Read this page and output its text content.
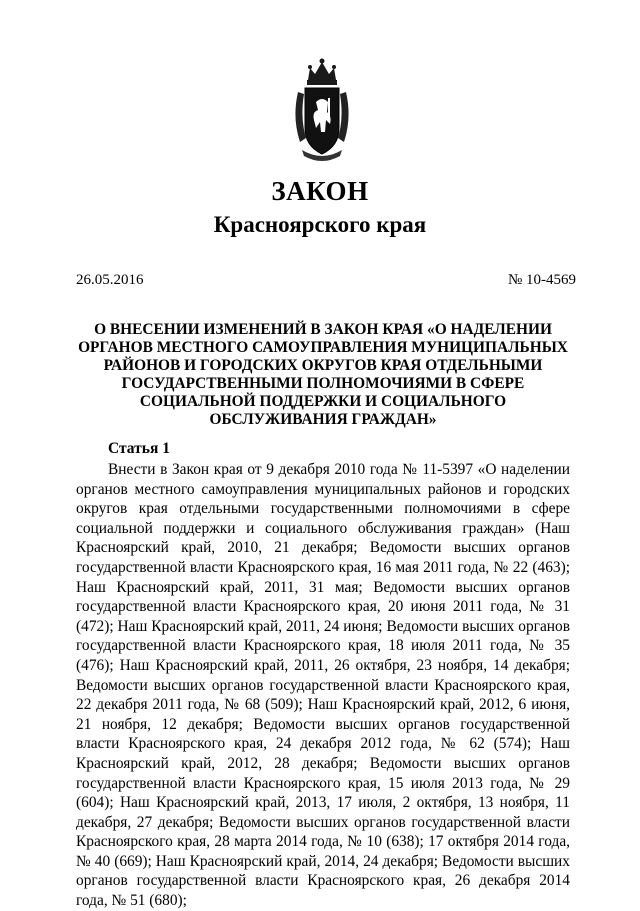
ЗАКОН
Красноярского края
26.05.2016	№ 10-4569
О ВНЕСЕНИИ ИЗМЕНЕНИЙ В ЗАКОН КРАЯ «О НАДЕЛЕНИИ ОРГАНОВ МЕСТНОГО САМОУПРАВЛЕНИЯ МУНИЦИПАЛЬНЫХ РАЙОНОВ И ГОРОДСКИХ ОКРУГОВ КРАЯ ОТДЕЛЬНЫМИ ГОСУДАРСТВЕННЫМИ ПОЛНОМОЧИЯМИ В СФЕРЕ СОЦИАЛЬНОЙ ПОДДЕРЖКИ И СОЦИАЛЬНОГО ОБСЛУЖИВАНИЯ ГРАЖДАН»
Статья 1
Внести в Закон края от 9 декабря 2010 года № 11-5397 «О наделении органов местного самоуправления муниципальных районов и городских округов края отдельными государственными полномочиями в сфере социальной поддержки и социального обслуживания граждан» (Наш Красноярский край, 2010, 21 декабря; Ведомости высших органов государственной власти Красноярского края, 16 мая 2011 года, № 22 (463); Наш Красноярский край, 2011, 31 мая; Ведомости высших органов государственной власти Красноярского края, 20 июня 2011 года, № 31 (472); Наш Красноярский край, 2011, 24 июня; Ведомости высших органов государственной власти Красноярского края, 18 июля 2011 года, № 35 (476); Наш Красноярский край, 2011, 26 октября, 23 ноября, 14 декабря; Ведомости высших органов государственной власти Красноярского края, 22 декабря 2011 года, № 68 (509); Наш Красноярский край, 2012, 6 июня, 21 ноября, 12 декабря; Ведомости высших органов государственной власти Красноярского края, 24 декабря 2012 года, № 62 (574); Наш Красноярский край, 2012, 28 декабря; Ведомости высших органов государственной власти Красноярского края, 15 июля 2013 года, № 29 (604); Наш Красноярский край, 2013, 17 июля, 2 октября, 13 ноября, 11 декабря, 27 декабря; Ведомости высших органов государственной власти Красноярского края, 28 марта 2014 года, № 10 (638); 17 октября 2014 года, № 40 (669); Наш Красноярский край, 2014, 24 декабря; Ведомости высших органов государственной власти Красноярского края, 26 декабря 2014 года, № 51 (680);
